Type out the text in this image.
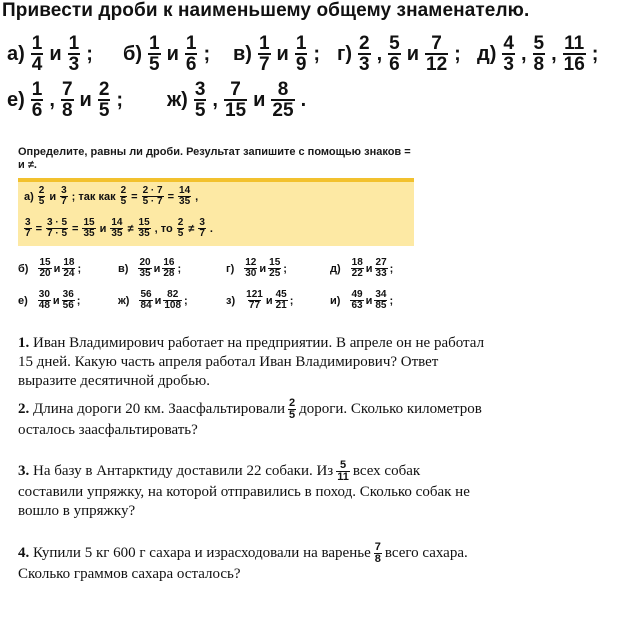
Привести дроби к наименьшему общему знаменателю.
$а) \frac{1}{4}$ и $\frac{1}{3}$ ; $б) \frac{1}{5}$ и $\frac{1}{6}$ ; $в) \frac{1}{7}$ и $\frac{1}{9}$ ; $г) \frac{2}{3}$ , $\frac{5}{6}$ и $\frac{7}{12}$ ; $д) \frac{4}{3}$ , $\frac{5}{8}$ , $\frac{11}{16}$ ;
$е) \frac{1}{6}$ , $\frac{7}{8}$ и $\frac{2}{5}$ ; $ж) \frac{3}{5}$ , $\frac{7}{15}$ и $\frac{8}{25}$ .
Определите, равны ли дроби. Результат запишите с помощью знаков = и ≠.
$а) \frac{2}{5}$ и $\frac{3}{7}$ ; так как $\frac{2}{5} = \frac{2 \cdot 7}{5 \cdot 7} = \frac{14}{35}$ ,
$\frac{3}{7} = \frac{3 \cdot 5}{7 \cdot 5} = \frac{15}{35}$ и $\frac{14}{35} \ne \frac{15}{35}$ , то $\frac{2}{5} \ne \frac{3}{7}$ .
$б) \frac{15}{20}$ и $\frac{18}{24}$ ;	$в) \frac{20}{35}$ и $\frac{16}{28}$ ;	$г) \frac{12}{30}$ и $\frac{15}{25}$ ;	$д) \frac{18}{22}$ и $\frac{27}{33}$ ;
$е) \frac{30}{48}$ и $\frac{36}{56}$ ;	$ж) \frac{56}{84}$ и $\frac{82}{108}$ ;	$з) \frac{121}{77}$ и $\frac{45}{21}$ ;	$и) \frac{49}{63}$ и $\frac{34}{85}$ ;
1. Иван Владимирович работает на предприятии. В апреле он не работал 15 дней. Какую часть апреля работал Иван Владимирович? Ответ выразите десятичной дробью.
2. Длина дороги 20 км. Заасфальтировали $\frac{2}{5}$ дороги. Сколько километров осталось заасфальтировать?
3. На базу в Антарктиду доставили 22 собаки. Из $\frac{5}{11}$ всех собак составили упряжку, на которой отправились в поход. Сколько собак не вошло в упряжку?
4. Купили 5 кг 600 г сахара и израсходовали на варенье $\frac{7}{8}$ всего сахара. Сколько граммов сахара осталось?
